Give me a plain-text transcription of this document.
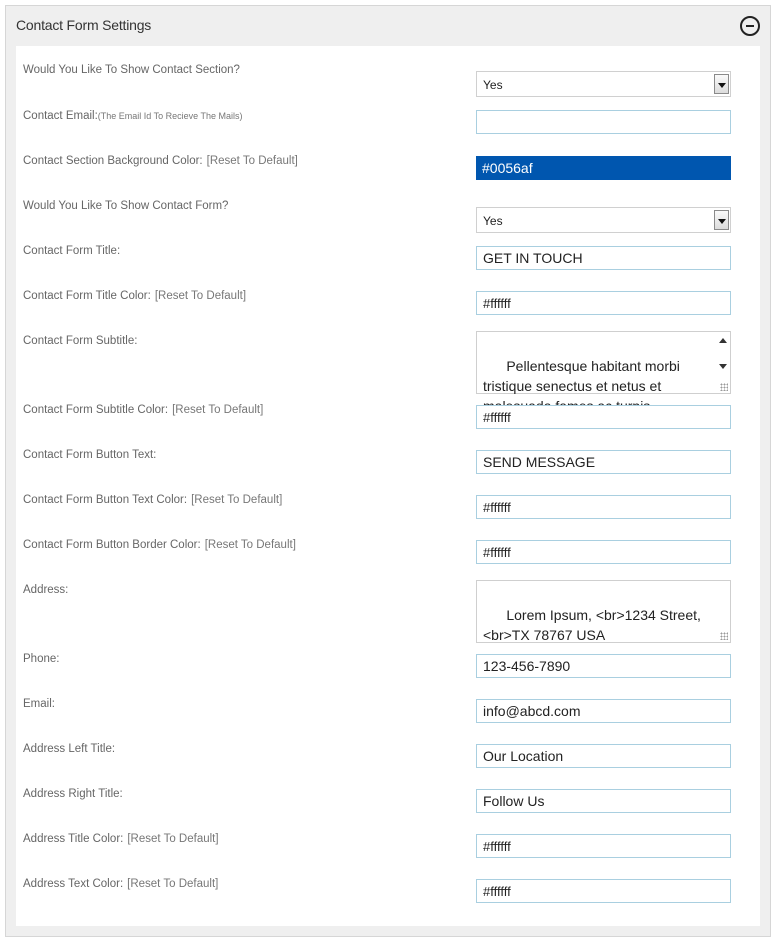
Contact Form Settings
Would You Like To Show Contact Section?
Yes
Contact Email:(The Email Id To Recieve The Mails)
Contact Section Background Color: [Reset To Default]	#0056af
Would You Like To Show Contact Form?
Yes
Contact Form Title:	GET IN TOUCH
Contact Form Title Color: [Reset To Default]	#ffffff
Contact Form Subtitle:

Pellentesque habitant morbi tristique senectus et netus et

Contact Form Subtitle Color: [Reset To Default]	#ffffff
Contact Form Button Text:	SEND MESSAGE
Contact Form Button Text Color: [Reset To Default]	#ffffff
Contact Form Button Border Color: [Reset To Default]	#ffffff
Address:

Lorem Ipsum, <br>1234 Street, <br>TX 78767 USA

Phone:	123-456-7890
Email:	info@abcd.com
Address Left Title:	Our Location
Address Right Title:	Follow Us
Address Title Color: [Reset To Default]	#ffffff
Address Text Color: [Reset To Default]	#ffffff
